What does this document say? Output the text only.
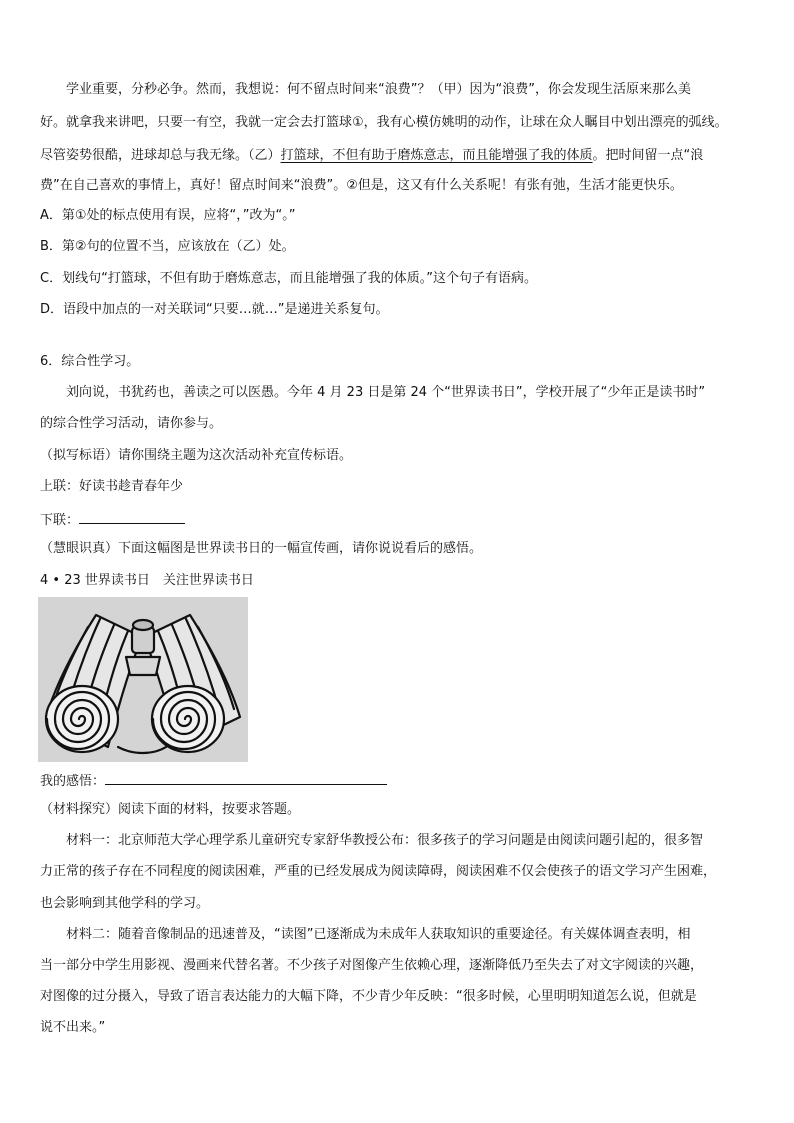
学业重要，分秒必争。然而，我想说：何不留点时间来“浪费”？（甲）因为“浪费”，你会发现生活原来那么美
好。就拿我来讲吧，只要一有空，我就一定会去打篮球①，我有心模仿姚明的动作，让球在众人瞩目中划出漂亮的弧线。
尽管姿势很酷，进球却总与我无缘。（乙）打篮球，不但有助于磨炼意志，而且能增强了我的体质。把时间留一点“浪
费”在自己喜欢的事情上，真好！留点时间来“浪费”。②但是，这又有什么关系呢！有张有弛，生活才能更快乐。
A．第①处的标点使用有误，应将“，”改为“。”
B．第②句的位置不当，应该放在（乙）处。
C．划线句“打篮球，不但有助于磨炼意志，而且能增强了我的体质。”这个句子有语病。
D．语段中加点的一对关联词“只要…就…”是递进关系复句。
6．综合性学习。
刘向说，书犹药也，善读之可以医愚。今年 4 月 23 日是第 24 个“世界读书日”，学校开展了“少年正是读书时”
的综合性学习活动，请你参与。
（拟写标语）请你围绕主题为这次活动补充宣传标语。
上联：好读书趁青春年少
下联：
（慧眼识真）下面这幅图是世界读书日的一幅宣传画，请你说说看后的感悟。
4 • 23 世界读书日　关注世界读书日
我的感悟：
（材料探究）阅读下面的材料，按要求答题。
材料一：北京师范大学心理学系儿童研究专家舒华教授公布：很多孩子的学习问题是由阅读问题引起的，很多智
力正常的孩子存在不同程度的阅读困难，严重的已经发展成为阅读障碍，阅读困难不仅会使孩子的语文学习产生困难，
也会影响到其他学科的学习。
材料二：随着音像制品的迅速普及，“读图”已逐渐成为未成年人获取知识的重要途径。有关媒体调查表明，相
当一部分中学生用影视、漫画来代替名著。不少孩子对图像产生依赖心理，逐渐降低乃至失去了对文字阅读的兴趣，
对图像的过分摄入，导致了语言表达能力的大幅下降，不少青少年反映：“很多时候，心里明明知道怎么说，但就是
说不出来。”
